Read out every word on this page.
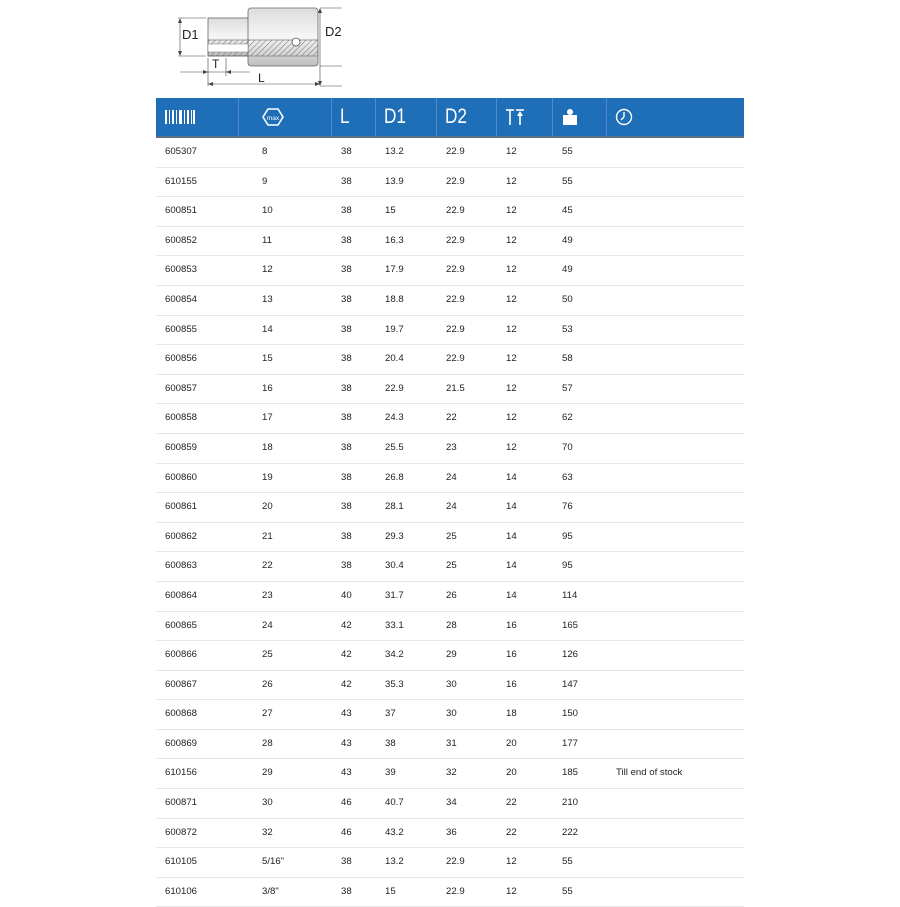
D1	D2
T
L
max	L D1 D2
605307	8	38	13.2	22.9	12	55
610155	9	38	13.9	22.9	12	55
600851	10	38	15	22.9	12	45
600852	11	38	16.3	22.9	12	49
600853	12	38	17.9	22.9	12	49
600854	13	38	18.8	22.9	12	50
600855	14	38	19.7	22.9	12	53
600856	15	38	20.4	22.9	12	58
600857	16	38	22.9	21.5	12	57
600858	17	38	24.3	22	12	62
600859	18	38	25.5	23	12	70
600860	19	38	26.8	24	14	63
600861	20	38	28.1	24	14	76
600862	21	38	29.3	25	14	95
600863	22	38	30.4	25	14	95
600864	23	40	31.7	26	14	114
600865	24	42	33.1	28	16	165
600866	25	42	34.2	29	16	126
600867	26	42	35.3	30	16	147
600868	27	43	37	30	18	150
600869	28	43	38	31	20	177
610156	29	43	39	32	20	185	Till end of stock
600871	30	46	40.7	34	22	210
600872	32	46	43.2	36	22	222
610105	5/16"	38	13.2	22.9	12	55
610106	3/8"	38	15	22.9	12	55
